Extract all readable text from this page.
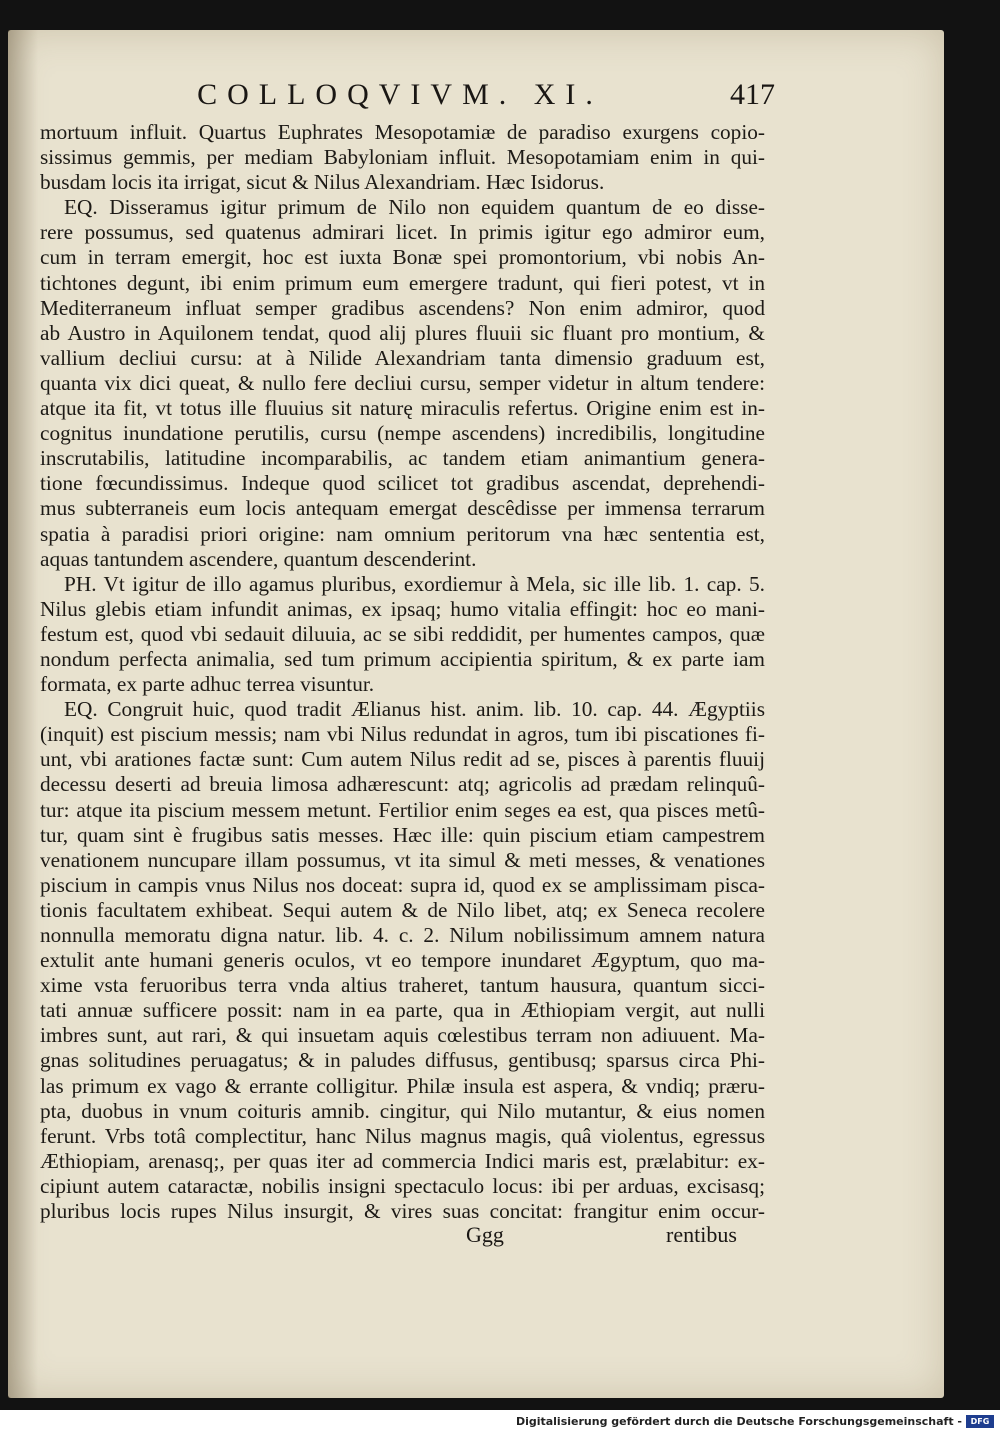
COLLOQVIVM. XI.	417
mortuum influit. Quartus Euphrates Mesopotamiæ de paradiso exurgens copio-
sissimus gemmis, per mediam Babyloniam influit. Mesopotamiam enim in qui-
busdam locis ita irrigat, sicut & Nilus Alexandriam. Hæc Isidorus.
EQ. Disseramus igitur primum de Nilo non equidem quantum de eo disse-
rere possumus, sed quatenus admirari licet. In primis igitur ego admiror eum,
cum in terram emergit, hoc est iuxta Bonæ spei promontorium, vbi nobis An-
tichtones degunt, ibi enim primum eum emergere tradunt, qui fieri potest, vt in
Mediterraneum influat semper gradibus ascendens? Non enim admiror, quod
ab Austro in Aquilonem tendat, quod alij plures fluuii sic fluant pro montium, &
vallium decliui cursu: at à Nilide Alexandriam tanta dimensio graduum est,
quanta vix dici queat, & nullo fere decliui cursu, semper videtur in altum tendere:
atque ita fit, vt totus ille fluuius sit naturę miraculis refertus. Origine enim est in-
cognitus inundatione perutilis, cursu (nempe ascendens) incredibilis, longitudine
inscrutabilis, latitudine incomparabilis, ac tandem etiam animantium genera-
tione fœcundissimus. Indeque quod scilicet tot gradibus ascendat, deprehendi-
mus subterraneis eum locis antequam emergat descêdisse per immensa terrarum
spatia à paradisi priori origine: nam omnium peritorum vna hæc sententia est,
aquas tantundem ascendere, quantum descenderint.
PH. Vt igitur de illo agamus pluribus, exordiemur à Mela, sic ille lib. 1. cap. 5.
Nilus glebis etiam infundit animas, ex ipsaq; humo vitalia effingit: hoc eo mani-
festum est, quod vbi sedauit diluuia, ac se sibi reddidit, per humentes campos, quæ
nondum perfecta animalia, sed tum primum accipientia spiritum, & ex parte iam
formata, ex parte adhuc terrea visuntur.
EQ. Congruit huic, quod tradit Ælianus hist. anim. lib. 10. cap. 44. Ægyptiis
(inquit) est piscium messis; nam vbi Nilus redundat in agros, tum ibi piscationes fi-
unt, vbi arationes factæ sunt: Cum autem Nilus redit ad se, pisces à parentis fluuij
decessu deserti ad breuia limosa adhærescunt: atq; agricolis ad prædam relinquû-
tur: atque ita piscium messem metunt. Fertilior enim seges ea est, qua pisces metû-
tur, quam sint è frugibus satis messes. Hæc ille: quin piscium etiam campestrem
venationem nuncupare illam possumus, vt ita simul & meti messes, & venationes
piscium in campis vnus Nilus nos doceat: supra id, quod ex se amplissimam pisca-
tionis facultatem exhibeat. Sequi autem & de Nilo libet, atq; ex Seneca recolere
nonnulla memoratu digna natur. lib. 4. c. 2. Nilum nobilissimum amnem natura
extulit ante humani generis oculos, vt eo tempore inundaret Ægyptum, quo ma-
xime vsta feruoribus terra vnda altius traheret, tantum hausura, quantum sicci-
tati annuæ sufficere possit: nam in ea parte, qua in Æthiopiam vergit, aut nulli
imbres sunt, aut rari, & qui insuetam aquis cœlestibus terram non adiuuent. Ma-
gnas solitudines peruagatus; & in paludes diffusus, gentibusq; sparsus circa Phi-
las primum ex vago & errante colligitur. Philæ insula est aspera, & vndiq; præru-
pta, duobus in vnum coituris amnib. cingitur, qui Nilo mutantur, & eius nomen
ferunt. Vrbs totâ complectitur, hanc Nilus magnus magis, quâ violentus, egressus
Æthiopiam, arenasq;, per quas iter ad commercia Indici maris est, prælabitur: ex-
cipiunt autem cataractæ, nobilis insigni spectaculo locus: ibi per arduas, excisasq;
pluribus locis rupes Nilus insurgit, & vires suas concitat: frangitur enim occur-
Ggg	rentibus
Digitalisierung gefördert durch die Deutsche Forschungsgemeinschaft -	DFG
